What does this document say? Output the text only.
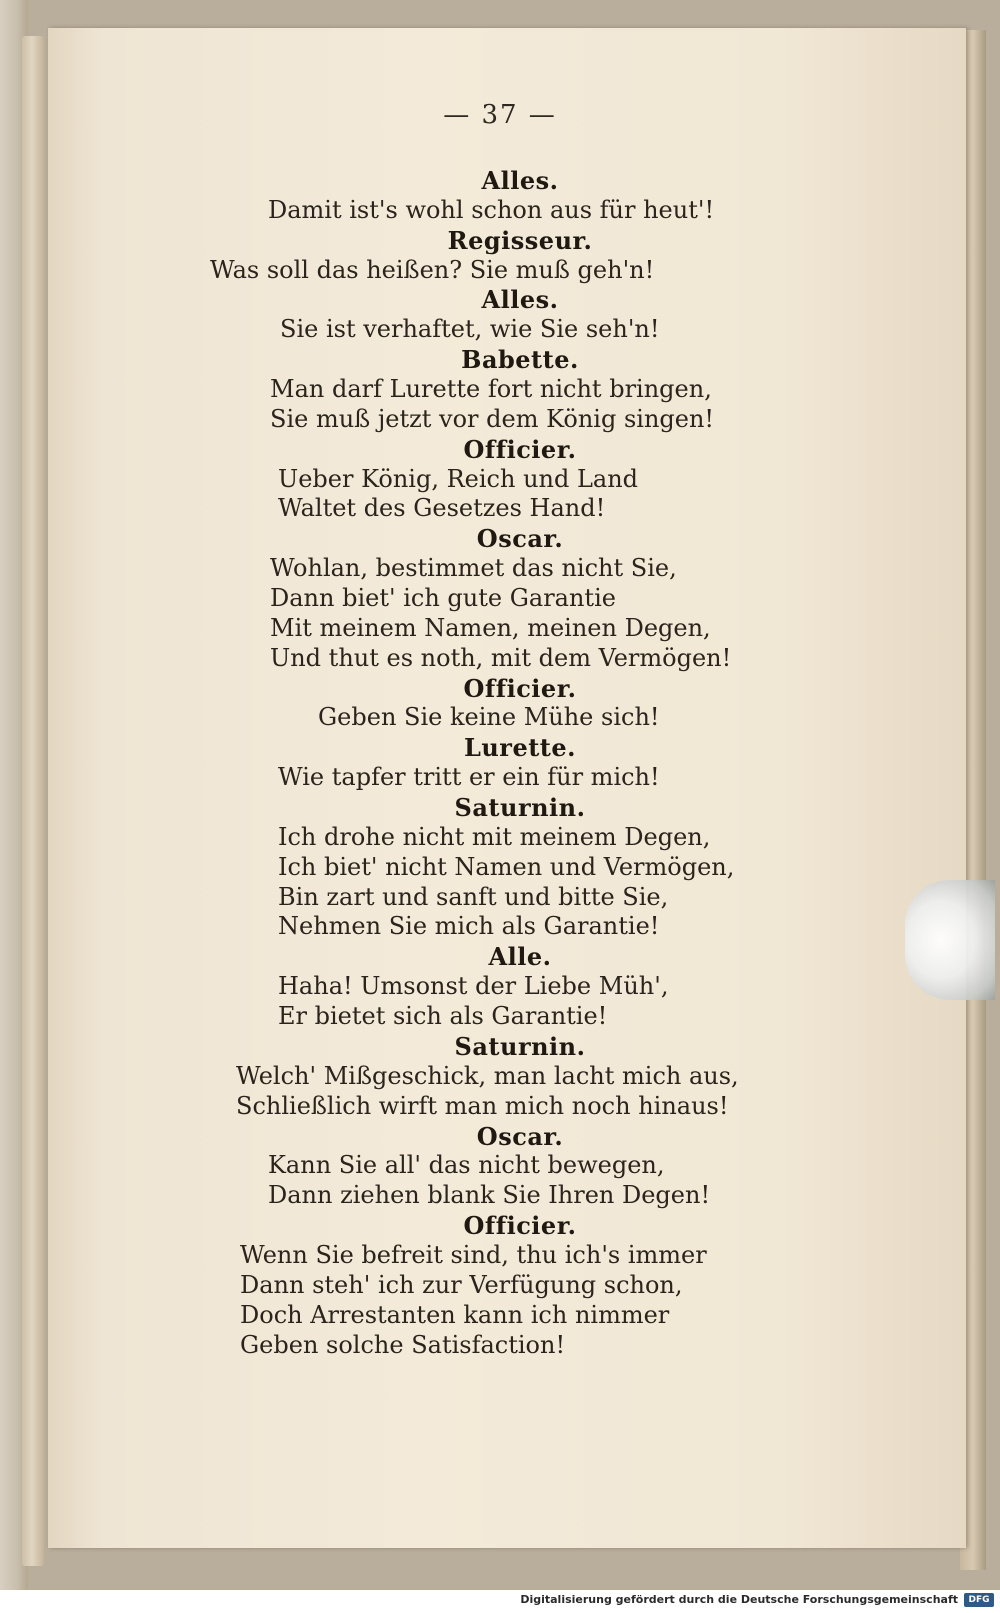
— 37 —
Alles.
Damit ist's wohl schon aus für heut'!
Regisseur.
Was soll das heißen? Sie muß geh'n!
Alles.
Sie ist verhaftet, wie Sie seh'n!
Babette.
Man darf Lurette fort nicht bringen,
Sie muß jetzt vor dem König singen!
Officier.
Ueber König, Reich und Land
Waltet des Gesetzes Hand!
Oscar.
Wohlan, bestimmet das nicht Sie,
Dann biet' ich gute Garantie
Mit meinem Namen, meinen Degen,
Und thut es noth, mit dem Vermögen!
Officier.
Geben Sie keine Mühe sich!
Lurette.
Wie tapfer tritt er ein für mich!
Saturnin.
Ich drohe nicht mit meinem Degen,
Ich biet' nicht Namen und Vermögen,
Bin zart und sanft und bitte Sie,
Nehmen Sie mich als Garantie!
Alle.
Haha! Umsonst der Liebe Müh',
Er bietet sich als Garantie!
Saturnin.
Welch' Mißgeschick, man lacht mich aus,
Schließlich wirft man mich noch hinaus!
Oscar.
Kann Sie all' das nicht bewegen,
Dann ziehen blank Sie Ihren Degen!
Officier.
Wenn Sie befreit sind, thu ich's immer
Dann steh' ich zur Verfügung schon,
Doch Arrestanten kann ich nimmer
Geben solche Satisfaction!
Digitalisierung gefördert durch die Deutsche Forschungsgemeinschaft	DFG
